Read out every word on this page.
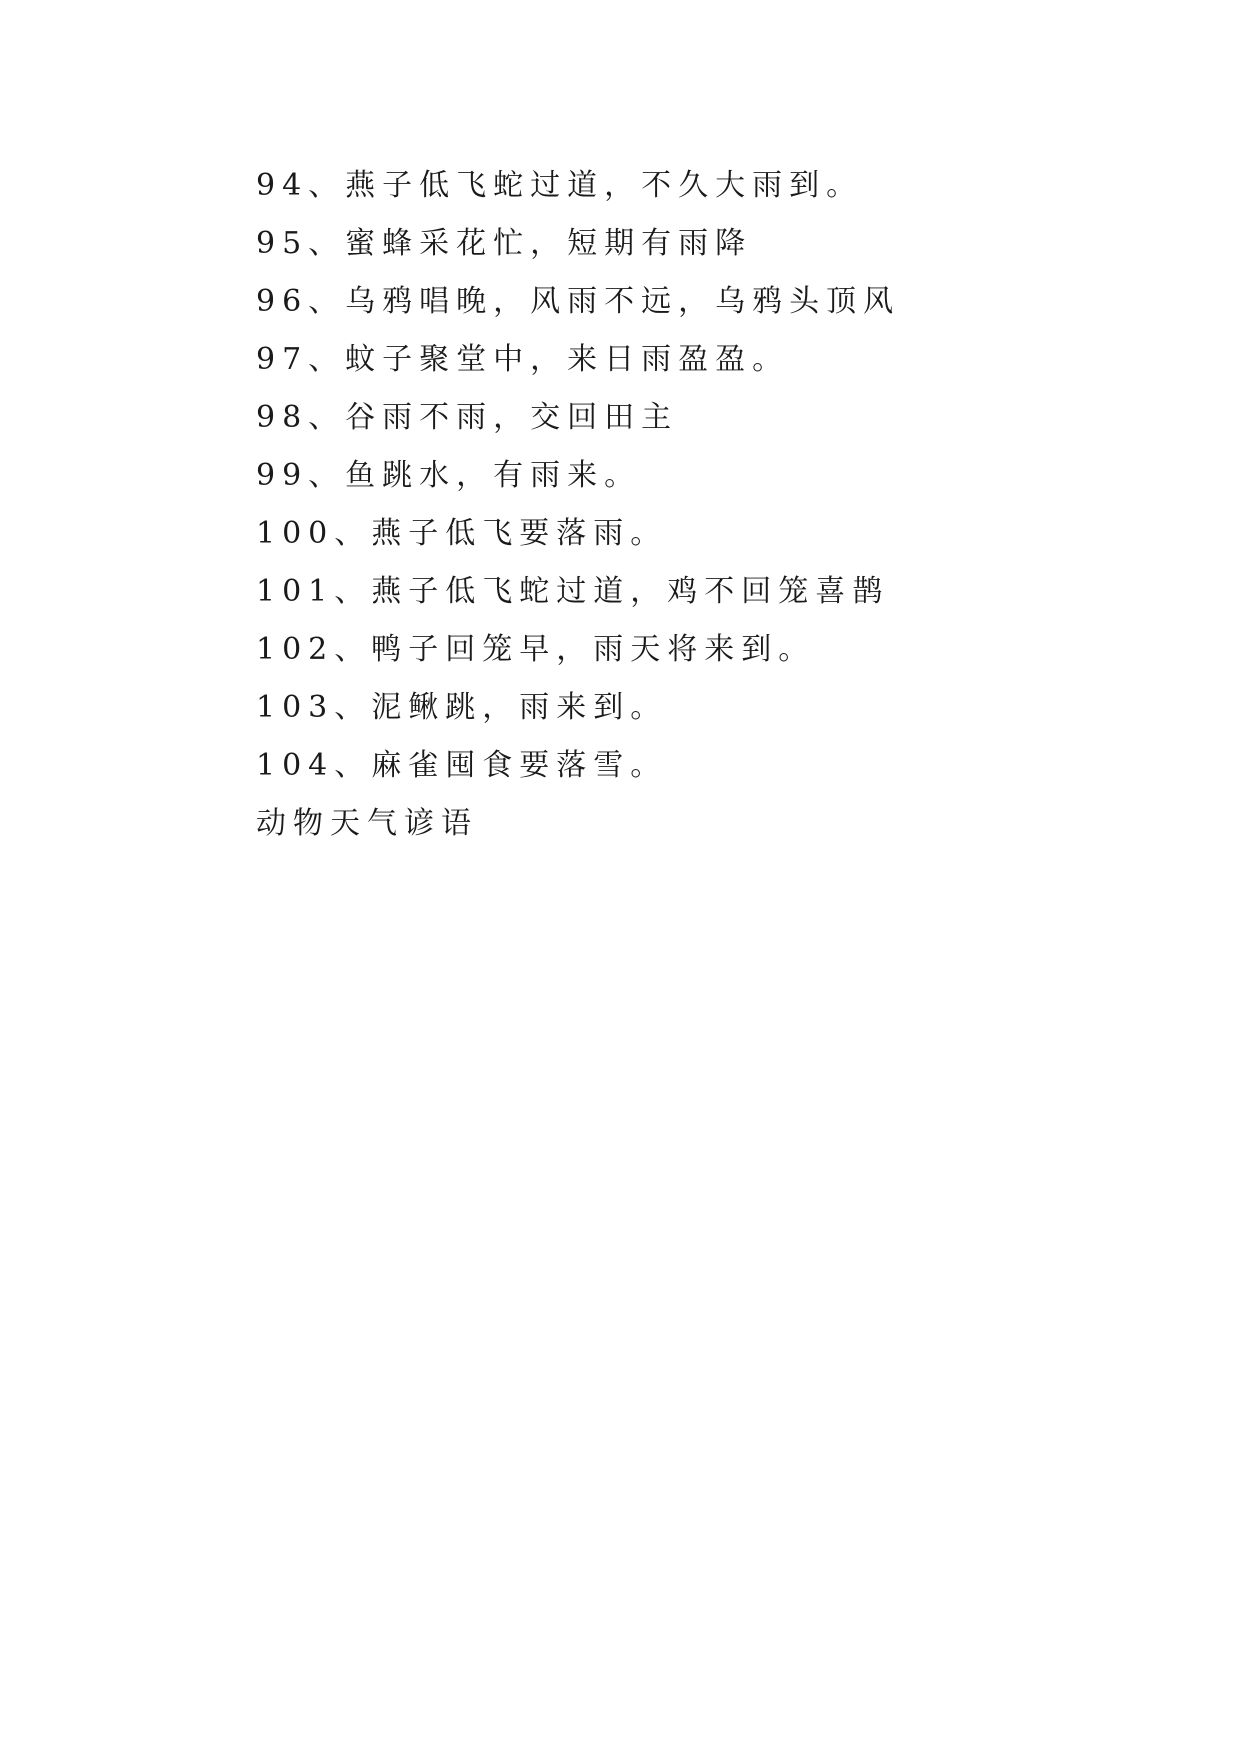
94、燕子低飞蛇过道，不久大雨到。
95、蜜蜂采花忙，短期有雨降
96、乌鸦唱晚，风雨不远，乌鸦头顶风
97、蚊子聚堂中，来日雨盈盈。
98、谷雨不雨，交回田主
99、鱼跳水，有雨来。
100、燕子低飞要落雨。
101、燕子低飞蛇过道，鸡不回笼喜鹊
102、鸭子回笼早，雨天将来到。
103、泥鳅跳，雨来到。
104、麻雀囤食要落雪。
动物天气谚语
